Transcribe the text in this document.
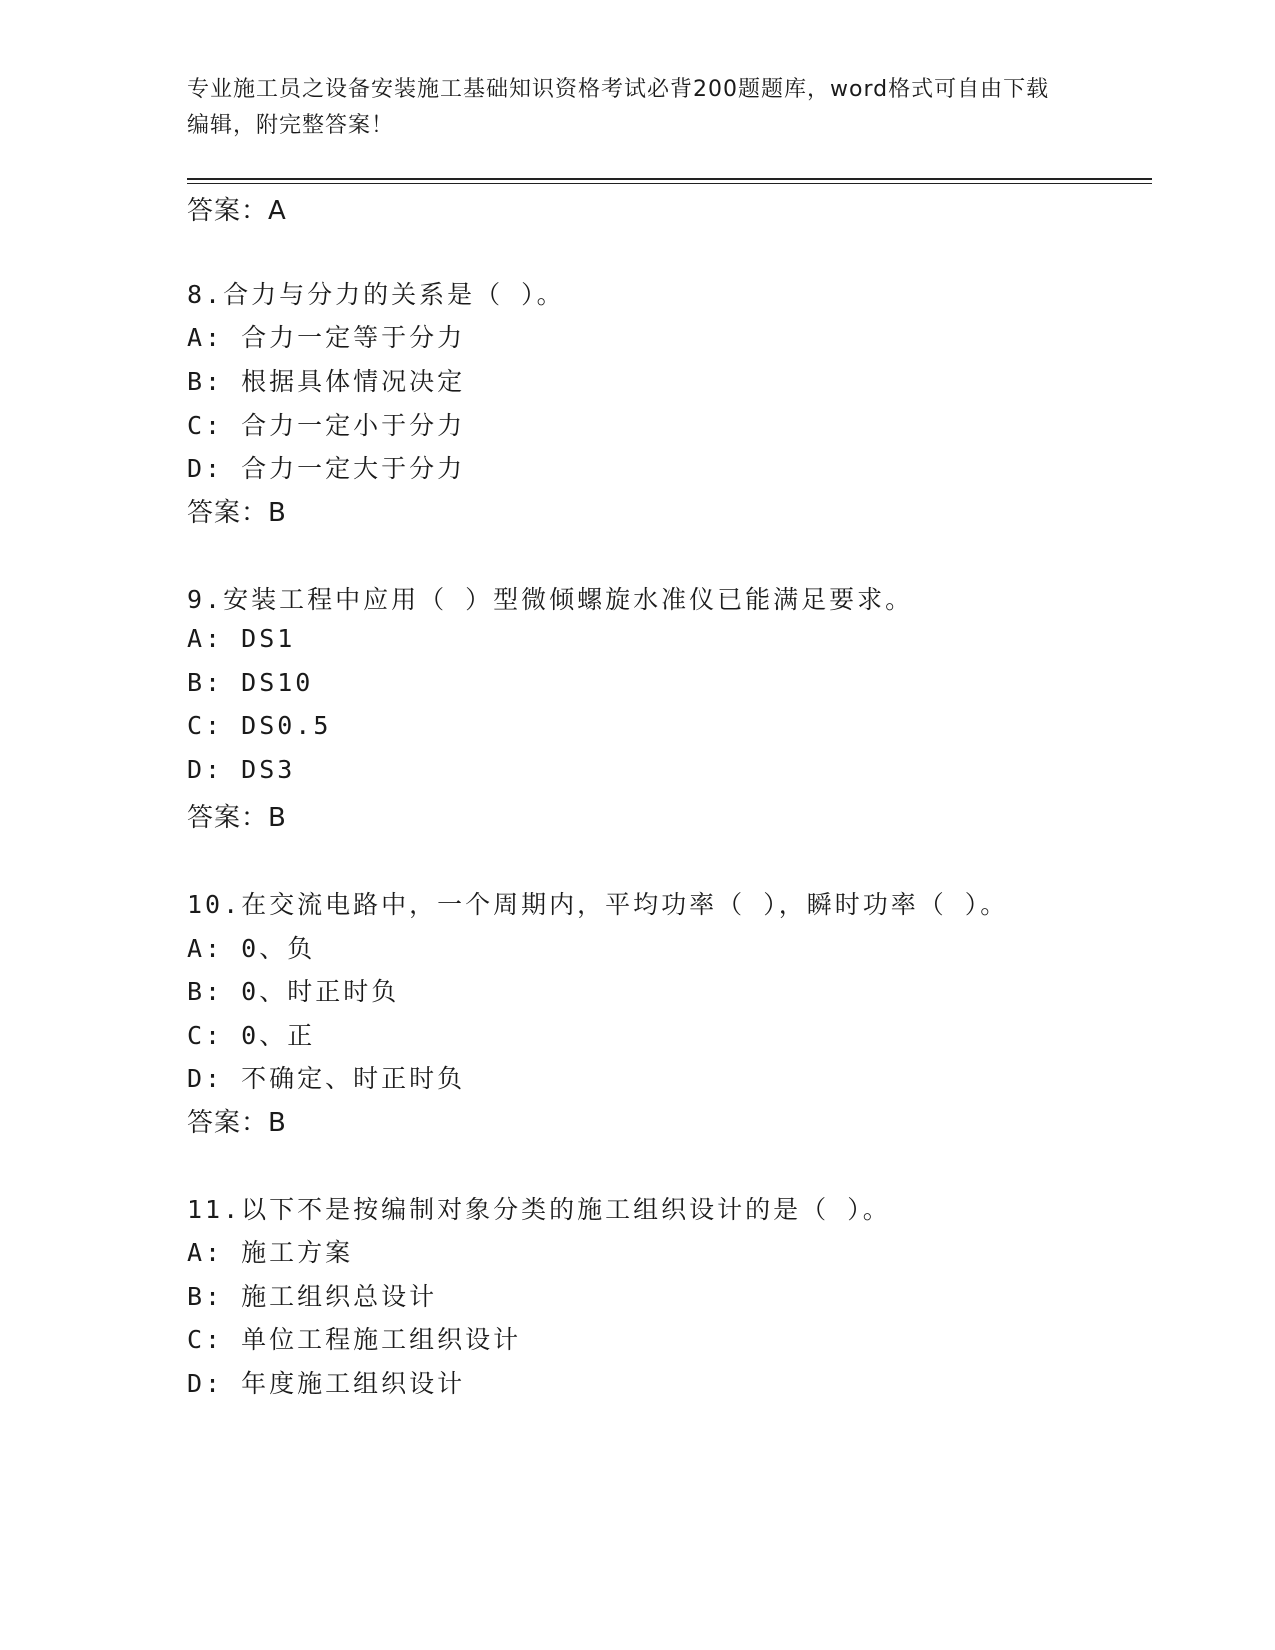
专业施工员之设备安装施工基础知识资格考试必背200题题库，word格式可自由下载编辑，附完整答案！
答案：A
8.合力与分力的关系是（ ）。
A: 合力一定等于分力
B: 根据具体情况决定
C: 合力一定小于分力
D: 合力一定大于分力
答案：B
9.安装工程中应用（ ）型微倾螺旋水准仪已能满足要求。
A: DS1
B: DS10
C: DS0.5
D: DS3
答案：B
10.在交流电路中，一个周期内，平均功率（ ），瞬时功率（ ）。
A: 0、负
B: 0、时正时负
C: 0、正
D: 不确定、时正时负
答案：B
11.以下不是按编制对象分类的施工组织设计的是（ ）。
A: 施工方案
B: 施工组织总设计
C: 单位工程施工组织设计
D: 年度施工组织设计
